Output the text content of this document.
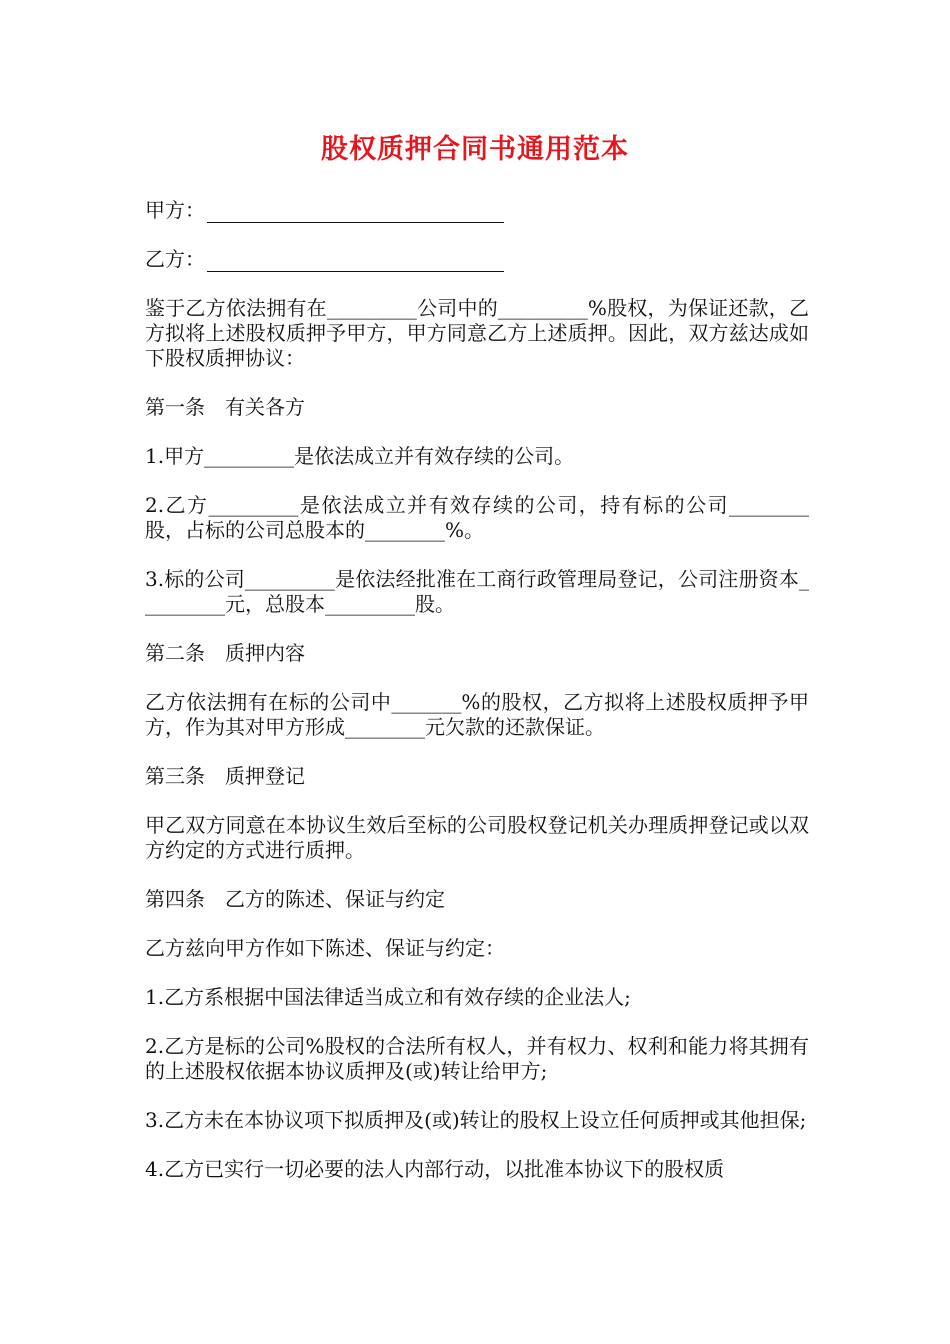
股权质押合同书通用范本
甲方：
乙方：

鉴于乙方依法拥有在_________公司中的_________%股权，为保证还款，乙方拟将上述股权质押予甲方，甲方同意乙方上述质押。因此，双方兹达成如下股权质押协议：

第一条　有关各方

1.甲方_________是依法成立并有效存续的公司。

2.乙方_________是依法成立并有效存续的公司，持有标的公司________股，占标的公司总股本的________%。

3.标的公司_________是依法经批准在工商行政管理局登记，公司注册资本_________元，总股本_________股。

第二条　质押内容

乙方依法拥有在标的公司中_______%的股权，乙方拟将上述股权质押予甲方，作为其对甲方形成________元欠款的还款保证。

第三条　质押登记

甲乙双方同意在本协议生效后至标的公司股权登记机关办理质押登记或以双方约定的方式进行质押。

第四条　乙方的陈述、保证与约定

乙方兹向甲方作如下陈述、保证与约定：

1.乙方系根据中国法律适当成立和有效存续的企业法人;

2.乙方是标的公司%股权的合法所有权人，并有权力、权利和能力将其拥有的上述股权依据本协议质押及(或)转让给甲方;

3.乙方未在本协议项下拟质押及(或)转让的股权上设立任何质押或其他担保;

4.乙方已实行一切必要的法人内部行动，以批准本协议下的股权质
